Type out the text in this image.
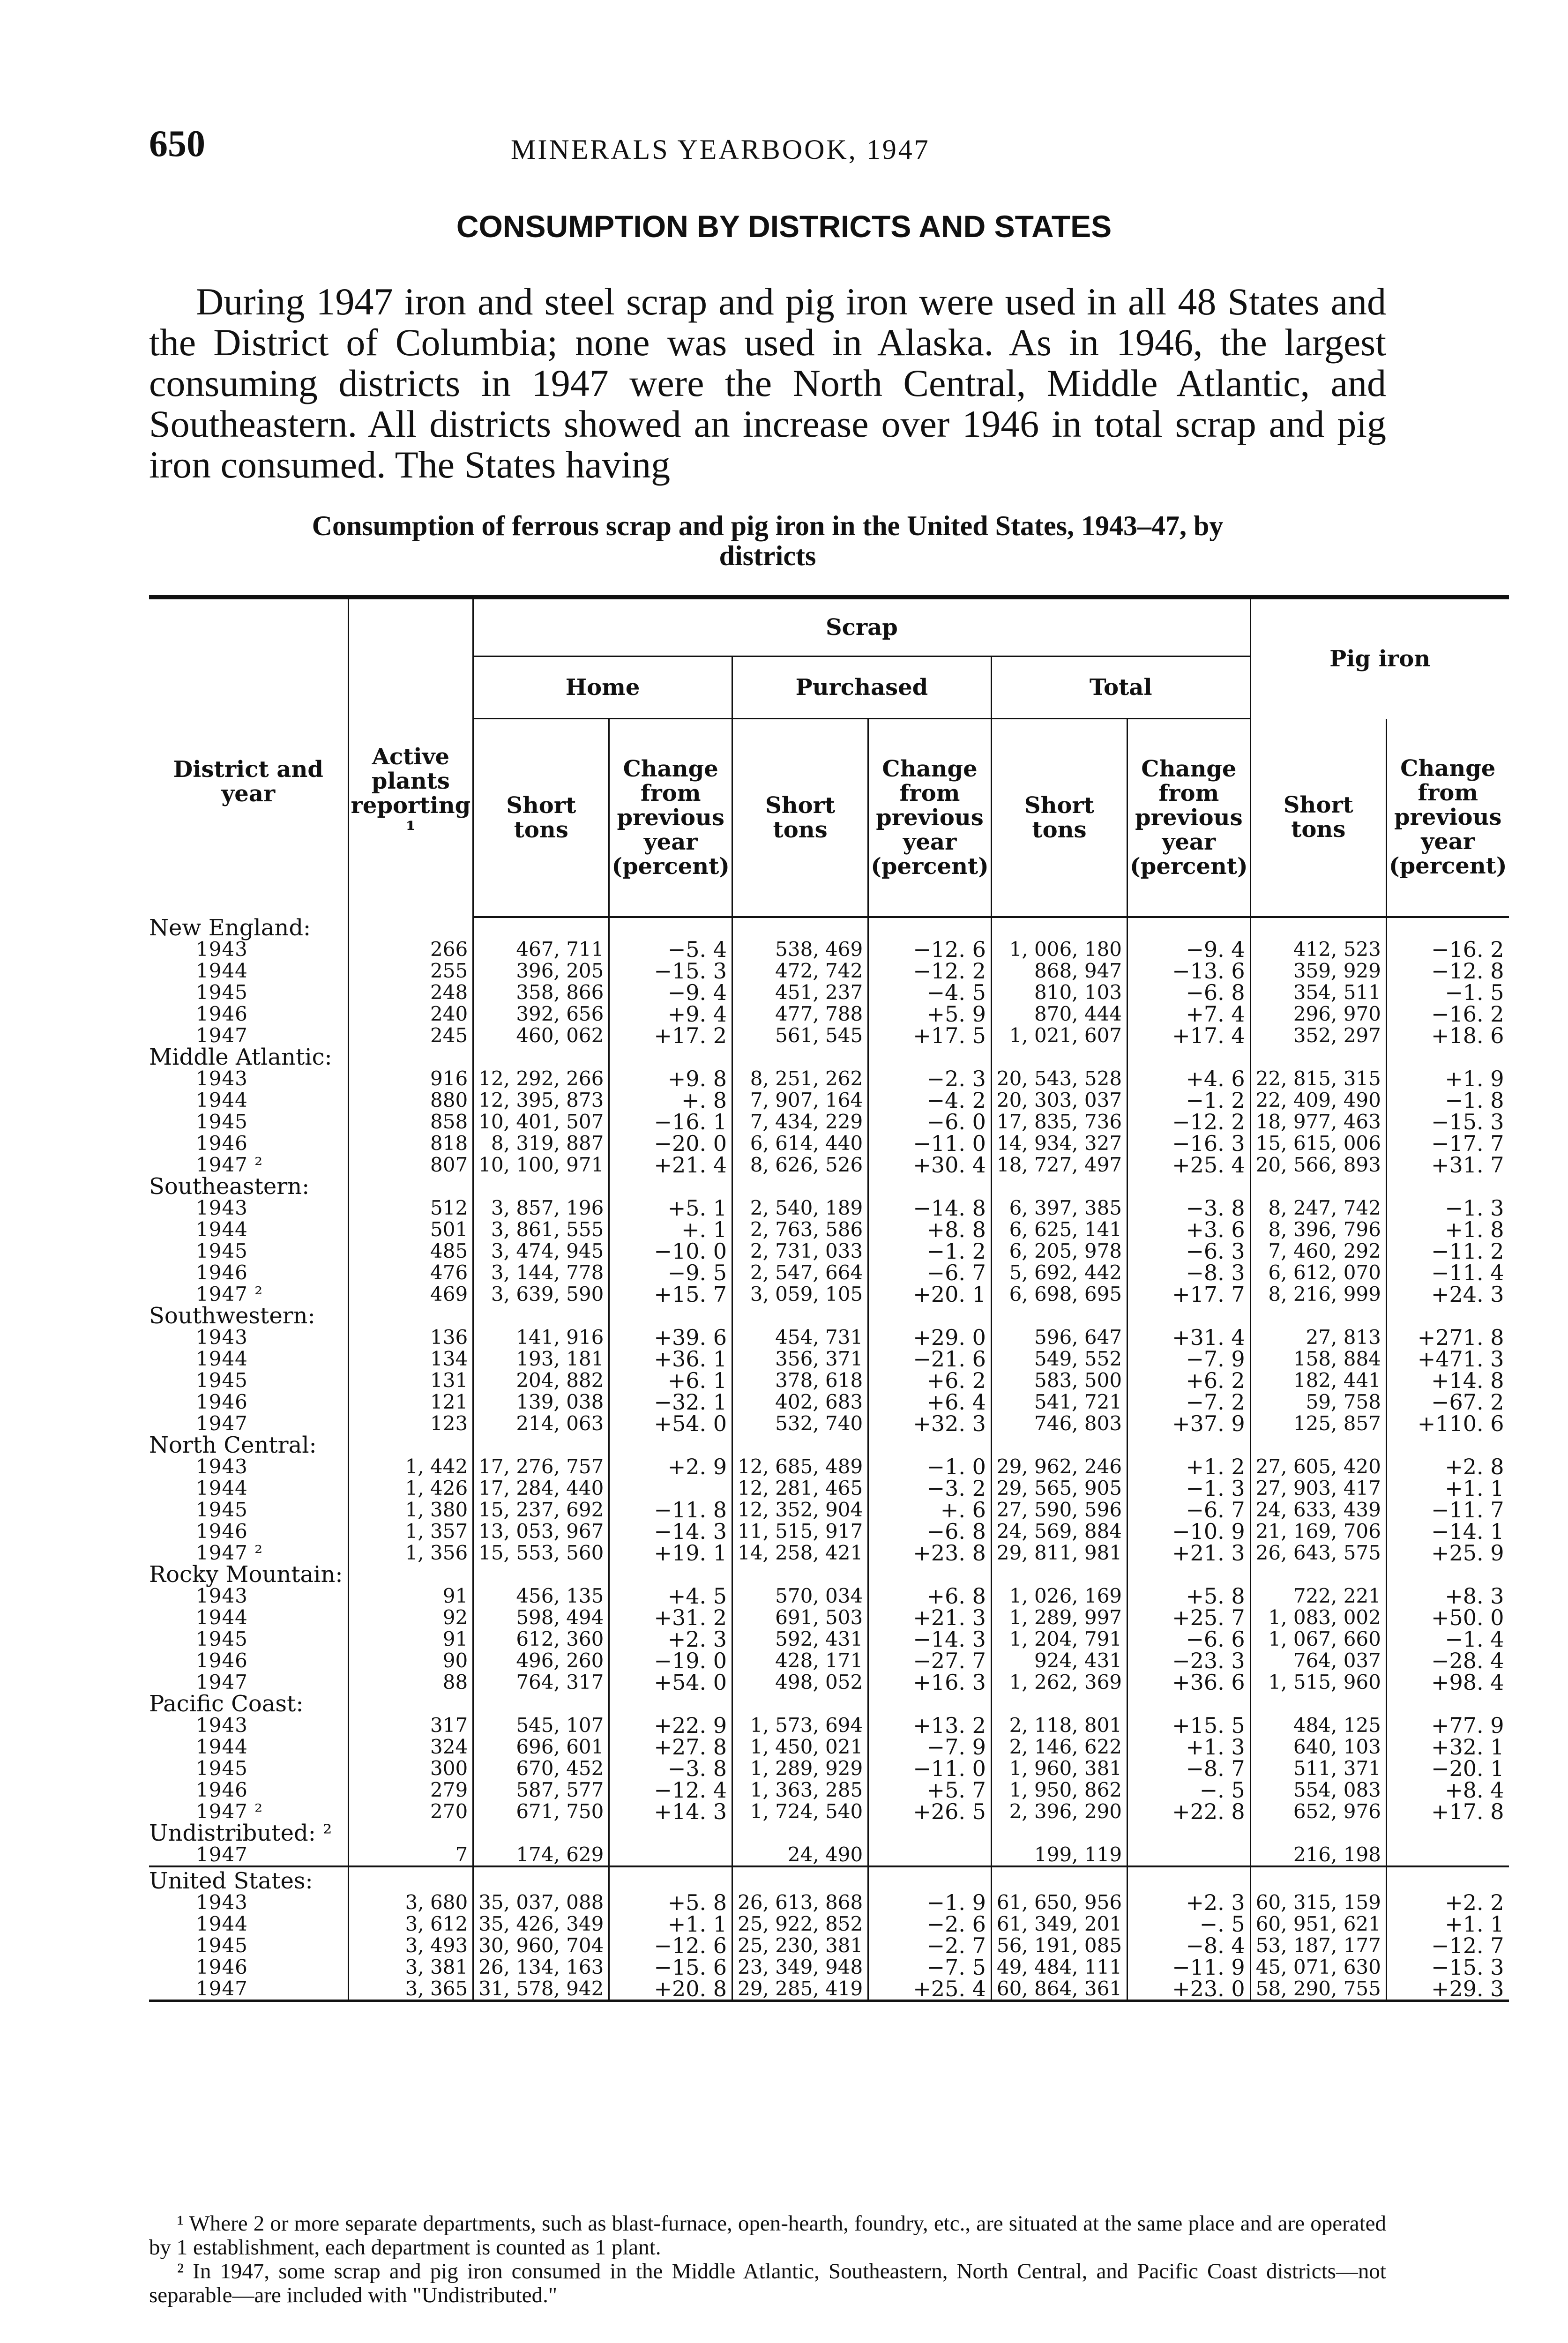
650	MINERALS YEARBOOK, 1947
CONSUMPTION BY DISTRICTS AND STATES
During 1947 iron and steel scrap and pig iron were used in all 48 States and the District of Columbia; none was used in Alaska. As in 1946, the largest consuming districts in 1947 were the North Central, Middle Atlantic, and Southeastern. All districts showed an increase over 1946 in total scrap and pig iron consumed. The States having
Consumption of ferrous scrap and pig iron in the United States, 1943–47, by
districts
District and year	Active plants reporting ¹	Scrap						Pig iron	
		Home		Purchased		Total			
		Short tons	Change from previous year (percent)	Short tons	Change from previous year (percent)	Short tons	Change from previous year (percent)	Short tons	Change from previous year (percent)
New England:									
1943	266	467, 711	−5. 4	538, 469	−12. 6	1, 006, 180	−9. 4	412, 523	−16. 2
1944	255	396, 205	−15. 3	472, 742	−12. 2	868, 947	−13. 6	359, 929	−12. 8
1945	248	358, 866	−9. 4	451, 237	−4. 5	810, 103	−6. 8	354, 511	−1. 5
1946	240	392, 656	+9. 4	477, 788	+5. 9	870, 444	+7. 4	296, 970	−16. 2
1947	245	460, 062	+17. 2	561, 545	+17. 5	1, 021, 607	+17. 4	352, 297	+18. 6
Middle Atlantic:									
1943	916	12, 292, 266	+9. 8	8, 251, 262	−2. 3	20, 543, 528	+4. 6	22, 815, 315	+1. 9
1944	880	12, 395, 873	+. 8	7, 907, 164	−4. 2	20, 303, 037	−1. 2	22, 409, 490	−1. 8
1945	858	10, 401, 507	−16. 1	7, 434, 229	−6. 0	17, 835, 736	−12. 2	18, 977, 463	−15. 3
1946	818	8, 319, 887	−20. 0	6, 614, 440	−11. 0	14, 934, 327	−16. 3	15, 615, 006	−17. 7
1947 ²	807	10, 100, 971	+21. 4	8, 626, 526	+30. 4	18, 727, 497	+25. 4	20, 566, 893	+31. 7
Southeastern:									
1943	512	3, 857, 196	+5. 1	2, 540, 189	−14. 8	6, 397, 385	−3. 8	8, 247, 742	−1. 3
1944	501	3, 861, 555	+. 1	2, 763, 586	+8. 8	6, 625, 141	+3. 6	8, 396, 796	+1. 8
1945	485	3, 474, 945	−10. 0	2, 731, 033	−1. 2	6, 205, 978	−6. 3	7, 460, 292	−11. 2
1946	476	3, 144, 778	−9. 5	2, 547, 664	−6. 7	5, 692, 442	−8. 3	6, 612, 070	−11. 4
1947 ²	469	3, 639, 590	+15. 7	3, 059, 105	+20. 1	6, 698, 695	+17. 7	8, 216, 999	+24. 3
Southwestern:									
1943	136	141, 916	+39. 6	454, 731	+29. 0	596, 647	+31. 4	27, 813	+271. 8
1944	134	193, 181	+36. 1	356, 371	−21. 6	549, 552	−7. 9	158, 884	+471. 3
1945	131	204, 882	+6. 1	378, 618	+6. 2	583, 500	+6. 2	182, 441	+14. 8
1946	121	139, 038	−32. 1	402, 683	+6. 4	541, 721	−7. 2	59, 758	−67. 2
1947	123	214, 063	+54. 0	532, 740	+32. 3	746, 803	+37. 9	125, 857	+110. 6
North Central:									
1943	1, 442	17, 276, 757	+2. 9	12, 685, 489	−1. 0	29, 962, 246	+1. 2	27, 605, 420	+2. 8
1944	1, 426	17, 284, 440		12, 281, 465	−3. 2	29, 565, 905	−1. 3	27, 903, 417	+1. 1
1945	1, 380	15, 237, 692	−11. 8	12, 352, 904	+. 6	27, 590, 596	−6. 7	24, 633, 439	−11. 7
1946	1, 357	13, 053, 967	−14. 3	11, 515, 917	−6. 8	24, 569, 884	−10. 9	21, 169, 706	−14. 1
1947 ²	1, 356	15, 553, 560	+19. 1	14, 258, 421	+23. 8	29, 811, 981	+21. 3	26, 643, 575	+25. 9
Rocky Mountain:									
1943	91	456, 135	+4. 5	570, 034	+6. 8	1, 026, 169	+5. 8	722, 221	+8. 3
1944	92	598, 494	+31. 2	691, 503	+21. 3	1, 289, 997	+25. 7	1, 083, 002	+50. 0
1945	91	612, 360	+2. 3	592, 431	−14. 3	1, 204, 791	−6. 6	1, 067, 660	−1. 4
1946	90	496, 260	−19. 0	428, 171	−27. 7	924, 431	−23. 3	764, 037	−28. 4
1947	88	764, 317	+54. 0	498, 052	+16. 3	1, 262, 369	+36. 6	1, 515, 960	+98. 4
Pacific Coast:									
1943	317	545, 107	+22. 9	1, 573, 694	+13. 2	2, 118, 801	+15. 5	484, 125	+77. 9
1944	324	696, 601	+27. 8	1, 450, 021	−7. 9	2, 146, 622	+1. 3	640, 103	+32. 1
1945	300	670, 452	−3. 8	1, 289, 929	−11. 0	1, 960, 381	−8. 7	511, 371	−20. 1
1946	279	587, 577	−12. 4	1, 363, 285	+5. 7	1, 950, 862	−. 5	554, 083	+8. 4
1947 ²	270	671, 750	+14. 3	1, 724, 540	+26. 5	2, 396, 290	+22. 8	652, 976	+17. 8
Undistributed: ²									
1947	7	174, 629		24, 490		199, 119		216, 198	

United States:									
1943	3, 680	35, 037, 088	+5. 8	26, 613, 868	−1. 9	61, 650, 956	+2. 3	60, 315, 159	+2. 2
1944	3, 612	35, 426, 349	+1. 1	25, 922, 852	−2. 6	61, 349, 201	−. 5	60, 951, 621	+1. 1
1945	3, 493	30, 960, 704	−12. 6	25, 230, 381	−2. 7	56, 191, 085	−8. 4	53, 187, 177	−12. 7
1946	3, 381	26, 134, 163	−15. 6	23, 349, 948	−7. 5	49, 484, 111	−11. 9	45, 071, 630	−15. 3
1947	3, 365	31, 578, 942	+20. 8	29, 285, 419	+25. 4	60, 864, 361	+23. 0	58, 290, 755	+29. 3

¹ Where 2 or more separate departments, such as blast-furnace, open-hearth, foundry, etc., are situated at the same place and are operated by 1 establishment, each department is counted as 1 plant.

² In 1947, some scrap and pig iron consumed in the Middle Atlantic, Southeastern, North Central, and Pacific Coast districts—not separable—are included with "Undistributed."
